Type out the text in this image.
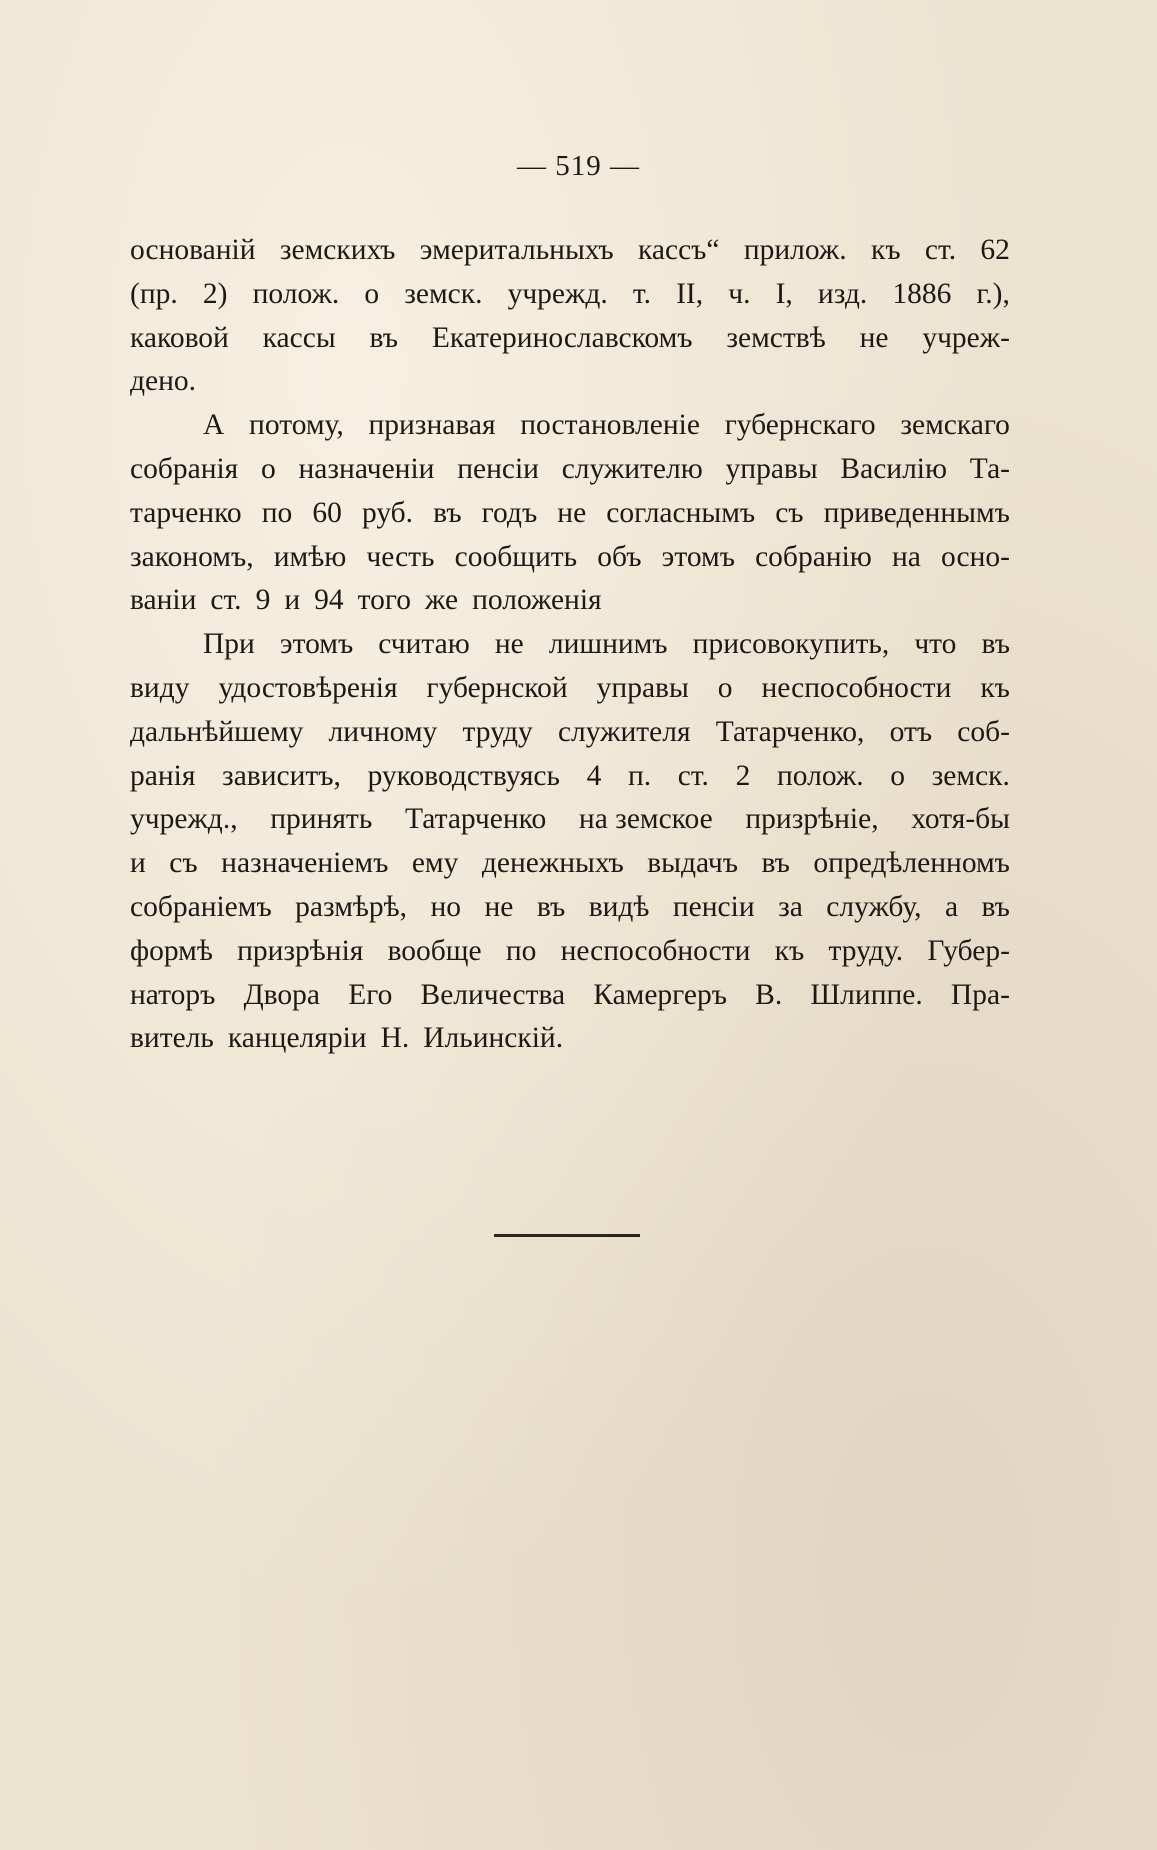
— 519 —
основаній земскихъ эмеритальныхъ кассъ“ прилож. къ ст. 62
(пр. 2) полож. о земск. учрежд. т. II, ч. I, изд. 1886 г.),
каковой кассы въ Екатеринославскомъ земствѣ не учреж-
дено.
А потому, признавая постановленіе губернскаго земскаго
собранія о назначеніи пенсіи служителю управы Василію Та-
тарченко по 60 руб. въ годъ не согласнымъ съ приведеннымъ
закономъ, имѣю честь сообщить объ этомъ собранію на осно-
ваніи ст. 9 и 94 того же положенія
При этомъ считаю не лишнимъ присовокупить, что въ
виду удостовѣренія губернской управы о неспособности къ
дальнѣйшему личному труду служителя Татарченко, отъ соб-
ранія зависитъ, руководствуясь 4 п. ст. 2 полож. о земск.
учрежд., принять Татарченко на земское призрѣніе, хотя-бы
и съ назначеніемъ ему денежныхъ выдачъ въ опредѣленномъ
собраніемъ размѣрѣ, но не въ видѣ пенсіи за службу, а въ
формѣ призрѣнія вообще по неспособности къ труду. Губер-
наторъ Двора Его Величества Камергеръ В. Шлиппе. Пра-
витель канцеляріи Н. Ильинскій.
